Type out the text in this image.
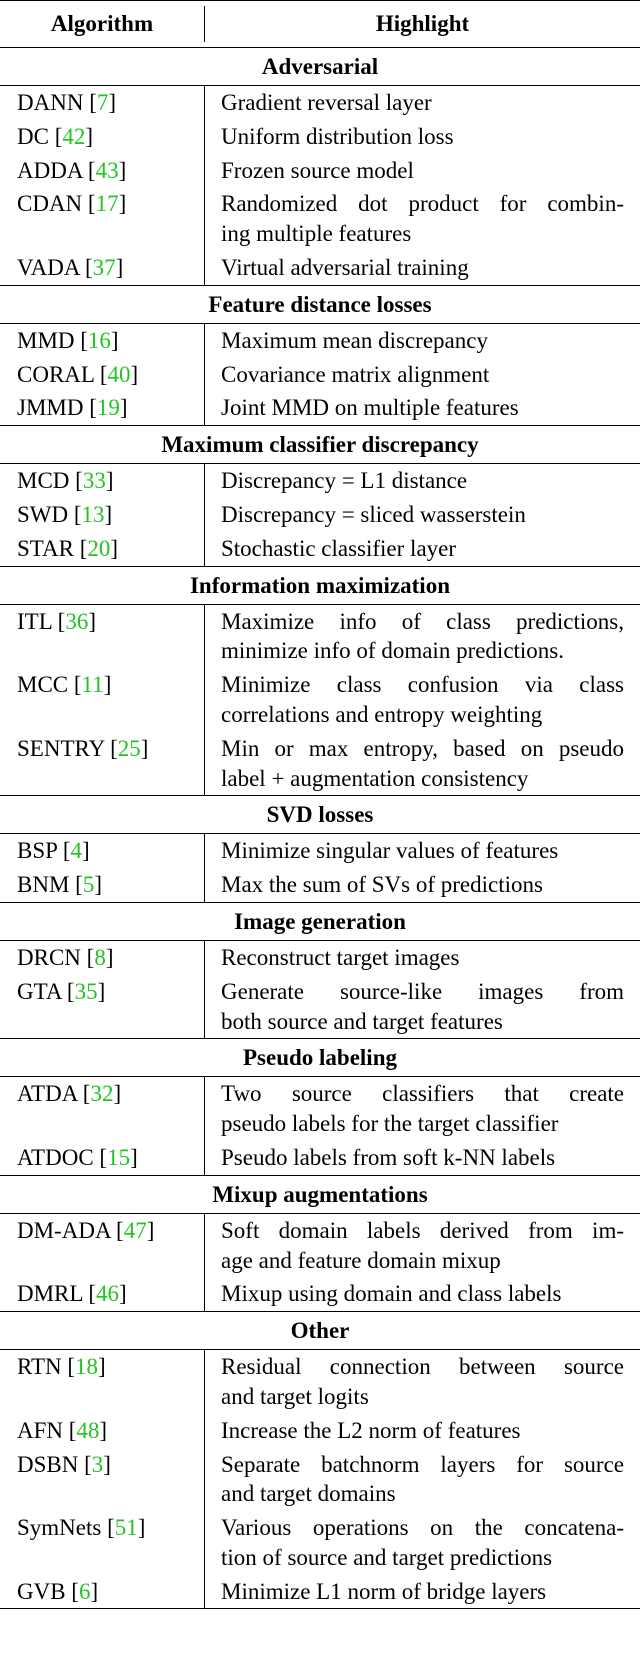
Algorithm	Highlight
Adversarial
DANN [7]	Gradient reversal layer
DC [42]	Uniform distribution loss
ADDA [43]	Frozen source model
CDAN [17]	Randomized dot product for combin-
ing multiple features
VADA [37]	Virtual adversarial training
Feature distance losses
MMD [16]	Maximum mean discrepancy
CORAL [40]	Covariance matrix alignment
JMMD [19]	Joint MMD on multiple features
Maximum classifier discrepancy
MCD [33]	Discrepancy = L1 distance
SWD [13]	Discrepancy = sliced wasserstein
STAR [20]	Stochastic classifier layer
Information maximization
ITL [36]	Maximize info of class predictions,
minimize info of domain predictions.
MCC [11]	Minimize class confusion via class
correlations and entropy weighting
SENTRY [25]	Min or max entropy, based on pseudo
label + augmentation consistency
SVD losses
BSP [4]	Minimize singular values of features
BNM [5]	Max the sum of SVs of predictions
Image generation
DRCN [8]	Reconstruct target images
GTA [35]	Generate source-like images from
both source and target features
Pseudo labeling
ATDA [32]	Two source classifiers that create
pseudo labels for the target classifier
ATDOC [15]	Pseudo labels from soft k-NN labels
Mixup augmentations
DM-ADA [47]	Soft domain labels derived from im-
age and feature domain mixup
DMRL [46]	Mixup using domain and class labels
Other
RTN [18]	Residual connection between source
and target logits
AFN [48]	Increase the L2 norm of features
DSBN [3]	Separate batchnorm layers for source
and target domains
SymNets [51]	Various operations on the concatena-
tion of source and target predictions
GVB [6]	Minimize L1 norm of bridge layers
